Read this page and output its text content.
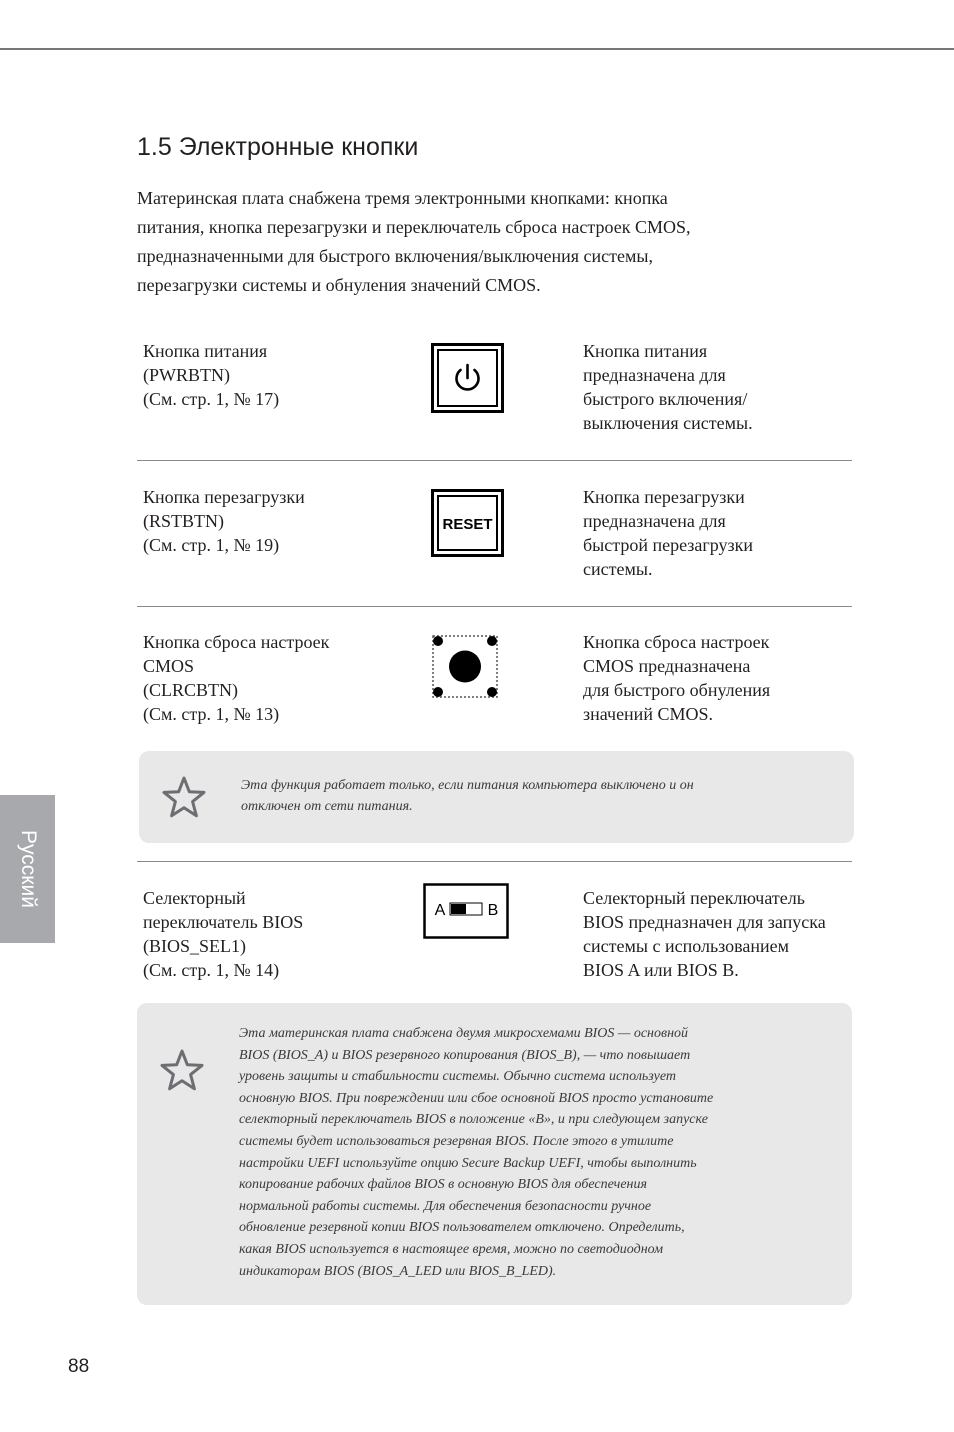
1.5 Электронные кнопки

Материнская плата снабжена тремя электронными кнопками: кнопка
питания, кнопка перезагрузки и переключатель сброса настроек CMOS,
предназначенными для быстрого включения/выключения системы,
перезагрузки системы и обнуления значений CMOS.

Кнопка питания
(PWRBTN)
(См. стр. 1, № 17)
Кнопка питания
предназначена для
быстрого включения/
выключения системы.
Кнопка перезагрузки
(RSTBTN)
(См. стр. 1, № 19)
Кнопка перезагрузки
предназначена для
быстрой перезагрузки
системы.
RESET
Кнопка сброса настроек
CMOS
(CLRCBTN)
(См. стр. 1, № 13)
Кнопка сброса настроек
CMOS предназначена
для быстрого обнуления
значений CMOS.
Эта функция работает только, если питания компьютера выключено и он
отключен от сети питания.
Селекторный
переключатель BIOS
(BIOS_SEL1)
(См. стр. 1, № 14)
Селекторный переключатель
BIOS предназначен для запуска
системы с использованием
BIOS A или BIOS B.
A	B
Эта материнская плата снабжена двумя микросхемами BIOS — основной
BIOS (BIOS_A) и BIOS резервного копирования (BIOS_B), — что повышает
уровень защиты и стабильности системы. Обычно система использует
основную BIOS. При повреждении или сбое основной BIOS просто установите
селекторный переключатель BIOS в положение «B», и при следующем запуске
системы будет использоваться резервная BIOS. После этого в утилите
настройки UEFI используйте опцию Secure Backup UEFI, чтобы выполнить
копирование рабочих файлов BIOS в основную BIOS для обеспечения
нормальной работы системы. Для обеспечения безопасности ручное
обновление резервной копии BIOS пользователем отключено. Определить,
какая BIOS используется в настоящее время, можно по светодиодном
индикаторам BIOS (BIOS_A_LED или BIOS_B_LED).
Русский
88
